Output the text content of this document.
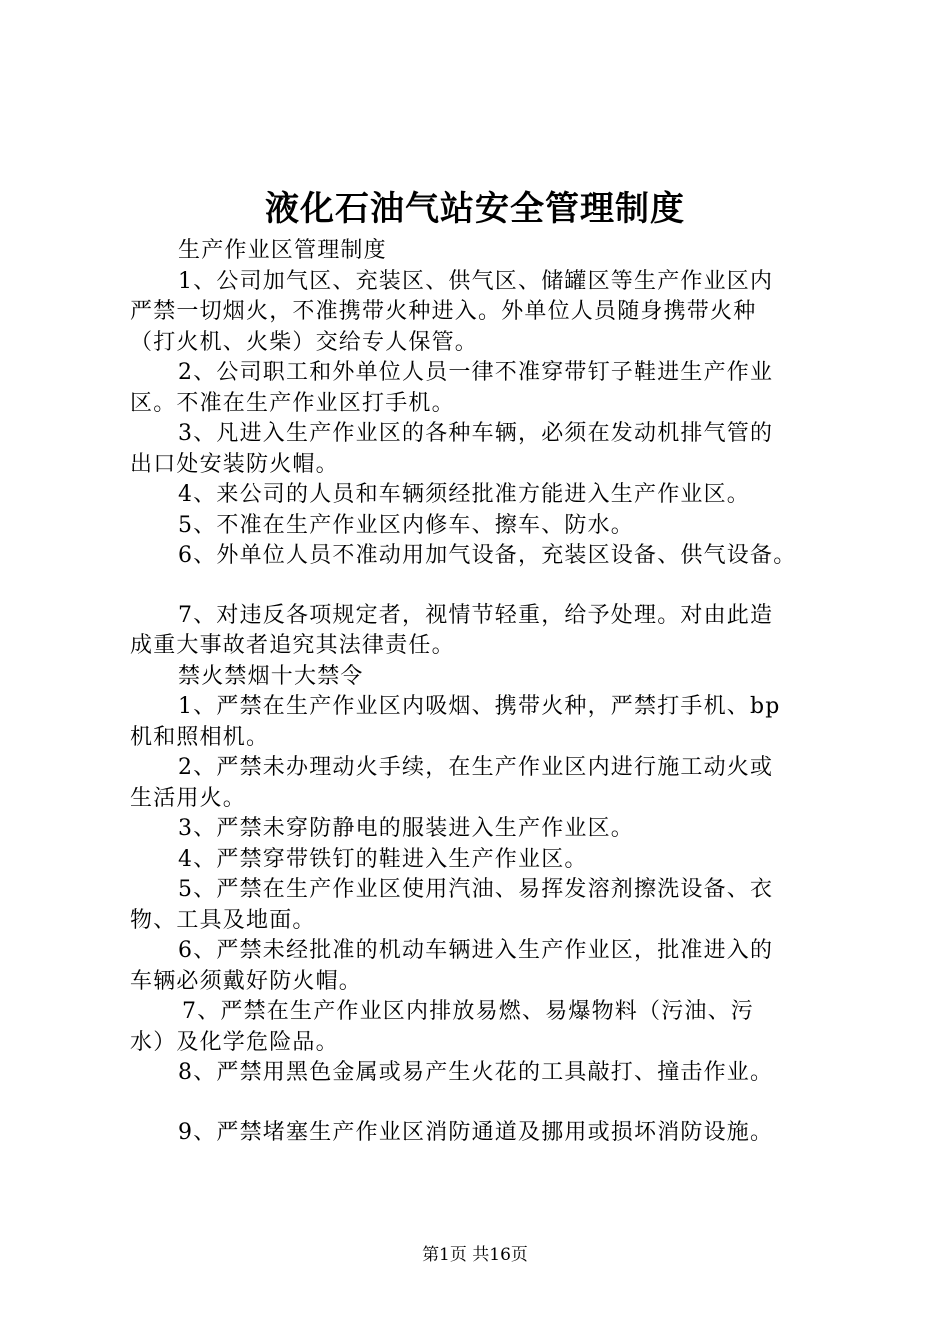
液化石油气站安全管理制度
生产作业区管理制度
1、公司加气区、充装区、供气区、储罐区等生产作业区内
严禁一切烟火，不准携带火种进入。外单位人员随身携带火种
（打火机、火柴）交给专人保管。
2、公司职工和外单位人员一律不准穿带钉子鞋进生产作业
区。不准在生产作业区打手机。
3、凡进入生产作业区的各种车辆，必须在发动机排气管的
出口处安装防火帽。
4、来公司的人员和车辆须经批准方能进入生产作业区。
5、不准在生产作业区内修车、擦车、防水。
6、外单位人员不准动用加气设备，充装区设备、供气设备。
7、对违反各项规定者，视情节轻重，给予处理。对由此造
成重大事故者追究其法律责任。
禁火禁烟十大禁令
1、严禁在生产作业区内吸烟、携带火种，严禁打手机、bp
机和照相机。
2、严禁未办理动火手续，在生产作业区内进行施工动火或
生活用火。
3、严禁未穿防静电的服装进入生产作业区。
4、严禁穿带铁钉的鞋进入生产作业区。
5、严禁在生产作业区使用汽油、易挥发溶剂擦洗设备、衣
物、工具及地面。
6、严禁未经批准的机动车辆进入生产作业区，批准进入的
车辆必须戴好防火帽。
7、严禁在生产作业区内排放易燃、易爆物料（污油、污
水）及化学危险品。
8、严禁用黑色金属或易产生火花的工具敲打、撞击作业。
9、严禁堵塞生产作业区消防通道及挪用或损坏消防设施。
第1页 共16页
